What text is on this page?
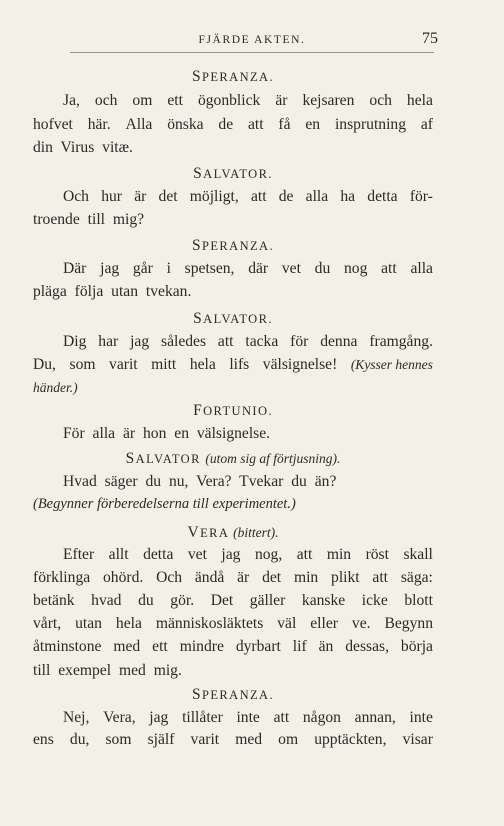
FJÄRDE AKTEN.	75
SPERANZA.
Ja, och om ett ögonblick är kejsaren och hela
hofvet här. Alla önska de att få en insprutning af
din Virus vitæ.
SALVATOR.
Och hur är det möjligt, att de alla ha detta för-
troende till mig?
SPERANZA.
Där jag går i spetsen, där vet du nog att alla
pläga följa utan tvekan.
SALVATOR.
Dig har jag således att tacka för denna framgång.
Du, som varit mitt hela lifs välsignelse! (Kysser hennes
händer.)
FORTUNIO.
För alla är hon en välsignelse.
SALVATOR (utom sig af förtjusning).
Hvad säger du nu, Vera? Tvekar du än?
(Begynner förberedelserna till experimentet.)
VERA (bittert).
Efter allt detta vet jag nog, att min röst skall
förklinga ohörd. Och ändå är det min plikt att säga:
betänk hvad du gör. Det gäller kanske icke blott
vårt, utan hela människosläktets väl eller ve. Begynn
åtminstone med ett mindre dyrbart lif än dessas, börja
till exempel med mig.
SPERANZA.
Nej, Vera, jag tillåter inte att någon annan, inte
ens du, som själf varit med om upptäckten, visar
